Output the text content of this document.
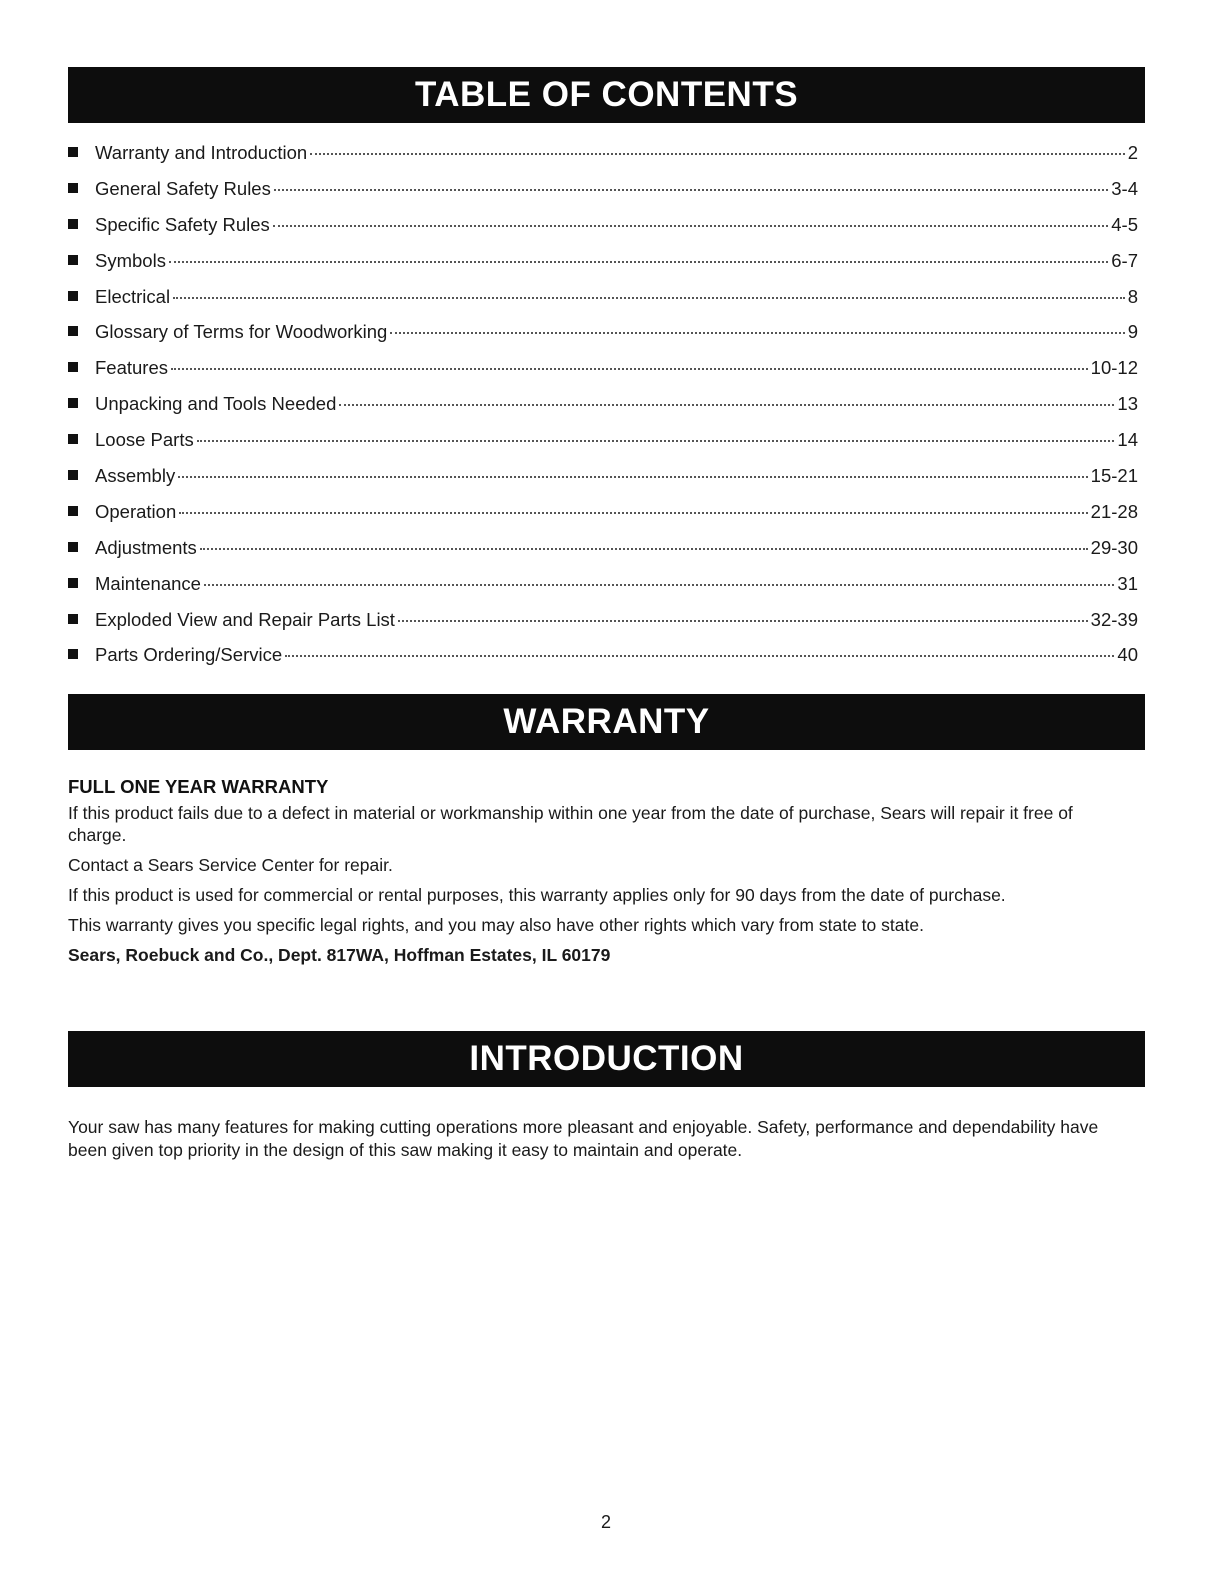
TABLE OF CONTENTS
Warranty and Introduction	2
General Safety Rules	3-4
Specific Safety Rules	4-5
Symbols	6-7
Electrical	8
Glossary of Terms for Woodworking	9
Features	10-12
Unpacking and Tools Needed	13
Loose Parts	14
Assembly	15-21
Operation	21-28
Adjustments	29-30
Maintenance	31
Exploded View and Repair Parts List	32-39
Parts Ordering/Service	40
WARRANTY
FULL ONE YEAR WARRANTY

If this product fails due to a defect in material or workmanship within one year from the date of purchase, Sears will repair it free of charge.

Contact a Sears Service Center for repair.

If this product is used for commercial or rental purposes, this warranty applies only for 90 days from the date of purchase.

This warranty gives you specific legal rights, and you may also have other rights which vary from state to state.

Sears, Roebuck and Co., Dept. 817WA, Hoffman Estates, IL 60179

INTRODUCTION

Your saw has many features for making cutting operations more pleasant and enjoyable. Safety, performance and dependability have been given top priority in the design of this saw making it easy to maintain and operate.

2
